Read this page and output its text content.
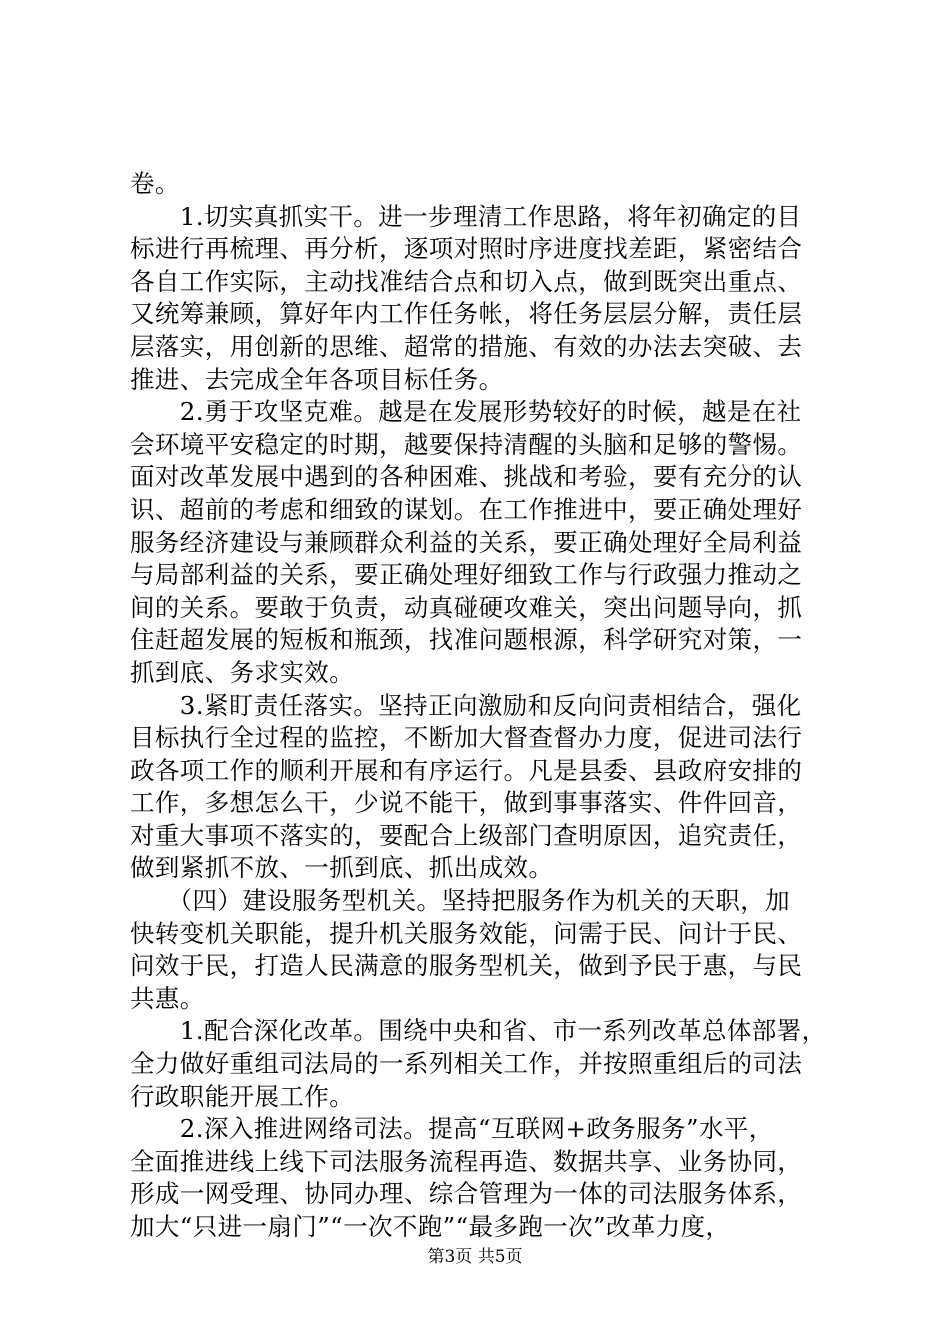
卷。
　　1.切实真抓实干。进一步理清工作思路，将年初确定的目
标进行再梳理、再分析，逐项对照时序进度找差距，紧密结合
各自工作实际，主动找准结合点和切入点，做到既突出重点、
又统筹兼顾，算好年内工作任务帐，将任务层层分解，责任层
层落实，用创新的思维、超常的措施、有效的办法去突破、去
推进、去完成全年各项目标任务。
　　2.勇于攻坚克难。越是在发展形势较好的时候，越是在社
会环境平安稳定的时期，越要保持清醒的头脑和足够的警惕。
面对改革发展中遇到的各种困难、挑战和考验，要有充分的认
识、超前的考虑和细致的谋划。在工作推进中，要正确处理好
服务经济建设与兼顾群众利益的关系，要正确处理好全局利益
与局部利益的关系，要正确处理好细致工作与行政强力推动之
间的关系。要敢于负责，动真碰硬攻难关，突出问题导向，抓
住赶超发展的短板和瓶颈，找准问题根源，科学研究对策，一
抓到底、务求实效。
　　3.紧盯责任落实。坚持正向激励和反向问责相结合，强化
目标执行全过程的监控，不断加大督查督办力度，促进司法行
政各项工作的顺利开展和有序运行。凡是县委、县政府安排的
工作，多想怎么干，少说不能干，做到事事落实、件件回音，
对重大事项不落实的，要配合上级部门查明原因，追究责任，
做到紧抓不放、一抓到底、抓出成效。
　　（四）建设服务型机关。坚持把服务作为机关的天职，加
快转变机关职能，提升机关服务效能，问需于民、问计于民、
问效于民，打造人民满意的服务型机关，做到予民于惠，与民
共惠。
　　1.配合深化改革。围绕中央和省、市一系列改革总体部署，
全力做好重组司法局的一系列相关工作，并按照重组后的司法
行政职能开展工作。
　　2.深入推进网络司法。提高“互联网+政务服务”水平，
全面推进线上线下司法服务流程再造、数据共享、业务协同，
形成一网受理、协同办理、综合管理为一体的司法服务体系，
加大“只进一扇门”“一次不跑”“最多跑一次”改革力度，
第3页 共5页
